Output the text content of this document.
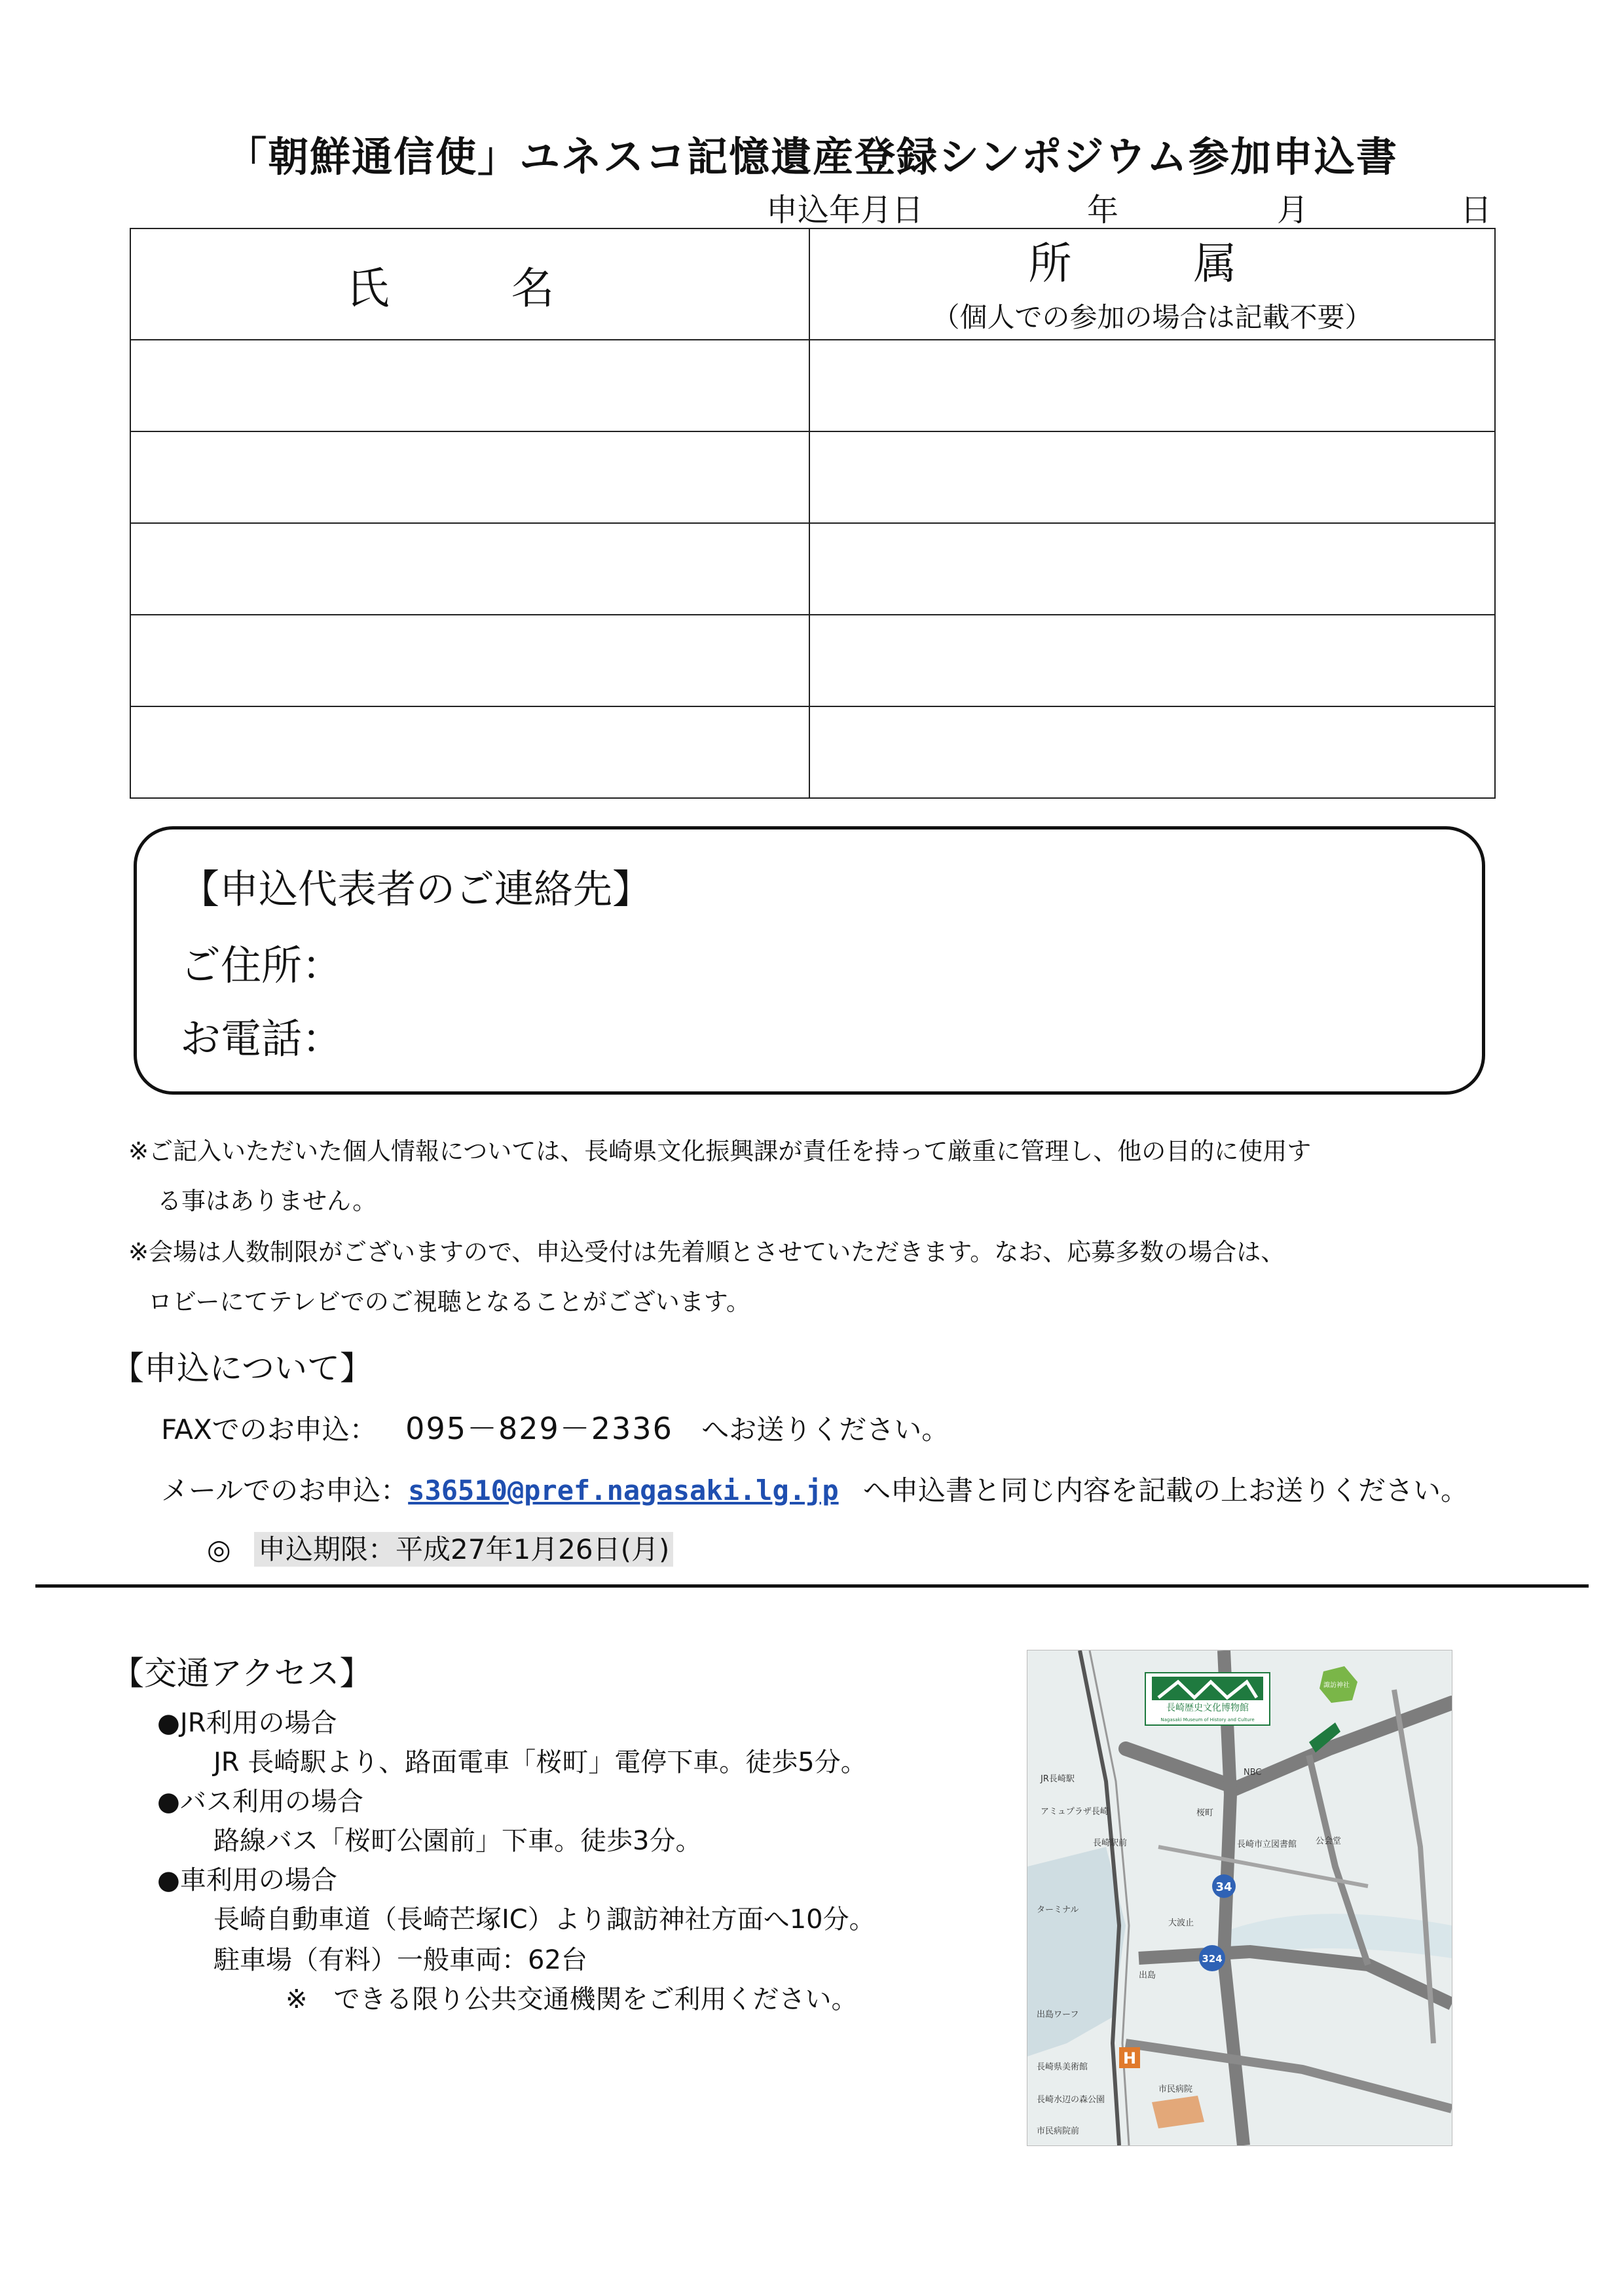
「朝鮮通信使」ユネスコ記憶遺産登録シンポジウム参加申込書
申込年月日	年	月	日
氏　名	所　属
（個人での参加の場合は記載不要）

【申込代表者のご連絡先】
ご住所：
お電話：
※ご記入いただいた個人情報については、長崎県文化振興課が責任を持って厳重に管理し、他の目的に使用す
る事はありません。
※会場は人数制限がございますので、申込受付は先着順とさせていただきます。なお、応募多数の場合は、
ロビーにてテレビでのご視聴となることがございます。
【申込について】
FAXでのお申込： 095－829－2336 へお送りください。
メールでのお申込：s36510@pref.nagasaki.lg.jp へ申込書と同じ内容を記載の上お送りください。
◎ 申込期限：平成27年1月26日(月)
【交通アクセス】
●JR利用の場合
JR 長崎駅より、路面電車「桜町」電停下車。徒歩5分。
●バス利用の場合
路線バス「桜町公園前」下車。徒歩3分。
●車利用の場合
長崎自動車道（長崎芒塚IC）より諏訪神社方面へ10分。
駐車場（有料）一般車両：62台
※　できる限り公共交通機関をご利用ください。
長崎歴史文化博物館
Nagasaki Museum of History and Culture
諏訪神社
34
324
H
JR長崎駅
アミュプラザ長崎
長崎駅前
NBC
桜町
公会堂
長崎市立図書館
大波止
ターミナル
出島
出島ワーフ
長崎県美術館
長崎水辺の森公園
市民病院前
市民病院
